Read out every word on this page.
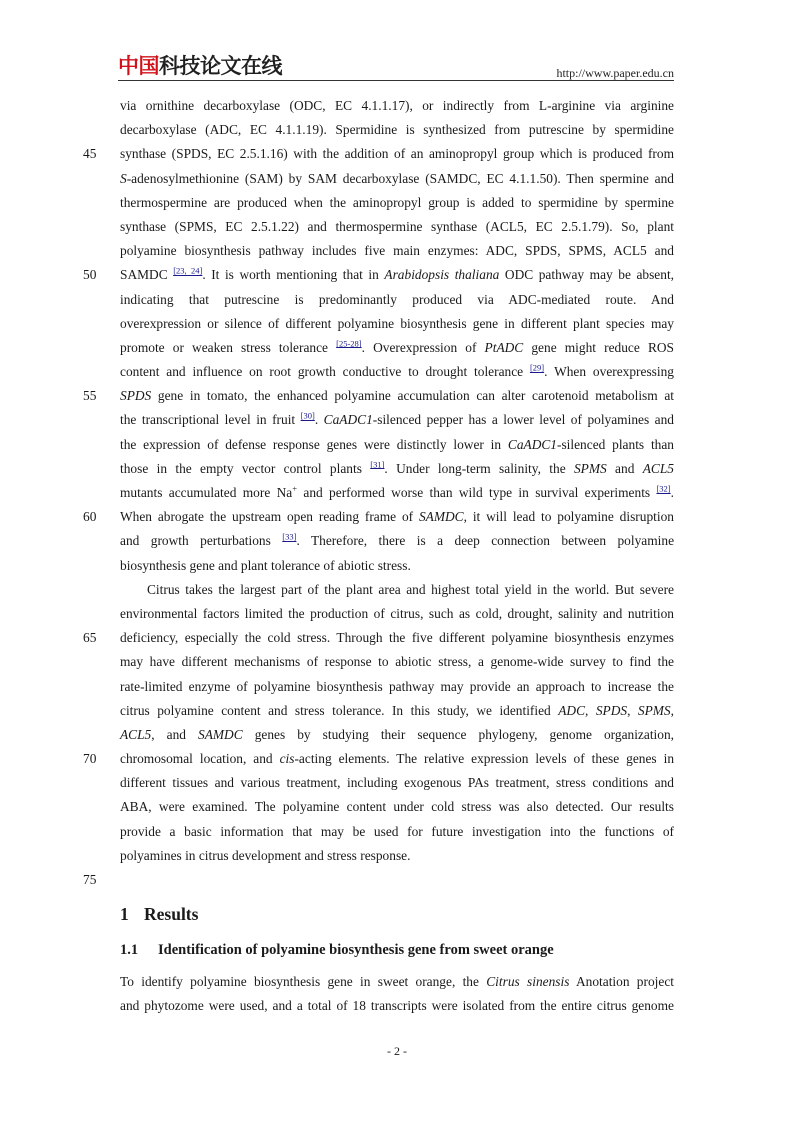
中国科技论文在线	http://www.paper.edu.cn
via ornithine decarboxylase (ODC, EC 4.1.1.17), or indirectly from L-arginine via arginine
decarboxylase (ADC, EC 4.1.1.19). Spermidine is synthesized from putrescine by spermidine
45	synthase (SPDS, EC 2.5.1.16) with the addition of an aminopropyl group which is produced from
S-adenosylmethionine (SAM) by SAM decarboxylase (SAMDC, EC 4.1.1.50). Then spermine and
thermospermine are produced when the aminopropyl group is added to spermidine by spermine
synthase (SPMS, EC 2.5.1.22) and thermospermine synthase (ACL5, EC 2.5.1.79). So, plant
polyamine biosynthesis pathway includes five main enzymes: ADC, SPDS, SPMS, ACL5 and
50	SAMDC [23, 24]. It is worth mentioning that in Arabidopsis thaliana ODC pathway may be absent,
indicating that putrescine is predominantly produced via ADC-mediated route. And
overexpression or silence of different polyamine biosynthesis gene in different plant species may
promote or weaken stress tolerance [25-28]. Overexpression of PtADC gene might reduce ROS
content and influence on root growth conductive to drought tolerance [29]. When overexpressing
55	SPDS gene in tomato, the enhanced polyamine accumulation can alter carotenoid metabolism at
the transcriptional level in fruit [30]. CaADC1-silenced pepper has a lower level of polyamines and
the expression of defense response genes were distinctly lower in CaADC1-silenced plants than
those in the empty vector control plants [31]. Under long-term salinity, the SPMS and ACL5
mutants accumulated more Na+ and performed worse than wild type in survival experiments [32].
60	When abrogate the upstream open reading frame of SAMDC, it will lead to polyamine disruption
and growth perturbations [33]. Therefore, there is a deep connection between polyamine
biosynthesis gene and plant tolerance of abiotic stress.
Citrus takes the largest part of the plant area and highest total yield in the world. But severe
environmental factors limited the production of citrus, such as cold, drought, salinity and nutrition
65	deficiency, especially the cold stress. Through the five different polyamine biosynthesis enzymes
may have different mechanisms of response to abiotic stress, a genome-wide survey to find the
rate-limited enzyme of polyamine biosynthesis pathway may provide an approach to increase the
citrus polyamine content and stress tolerance. In this study, we identified ADC, SPDS, SPMS,
ACL5, and SAMDC genes by studying their sequence phylogeny, genome organization,
70	chromosomal location, and cis-acting elements. The relative expression levels of these genes in
different tissues and various treatment, including exogenous PAs treatment, stress conditions and
ABA, were examined. The polyamine content under cold stress was also detected. Our results
provide a basic information that may be used for future investigation into the functions of
polyamines in citrus development and stress response.
75
1 Results
1.1 Identification of polyamine biosynthesis gene from sweet orange
To identify polyamine biosynthesis gene in sweet orange, the Citrus sinensis Anotation project
and phytozome were used, and a total of 18 transcripts were isolated from the entire citrus genome
- 2 -
